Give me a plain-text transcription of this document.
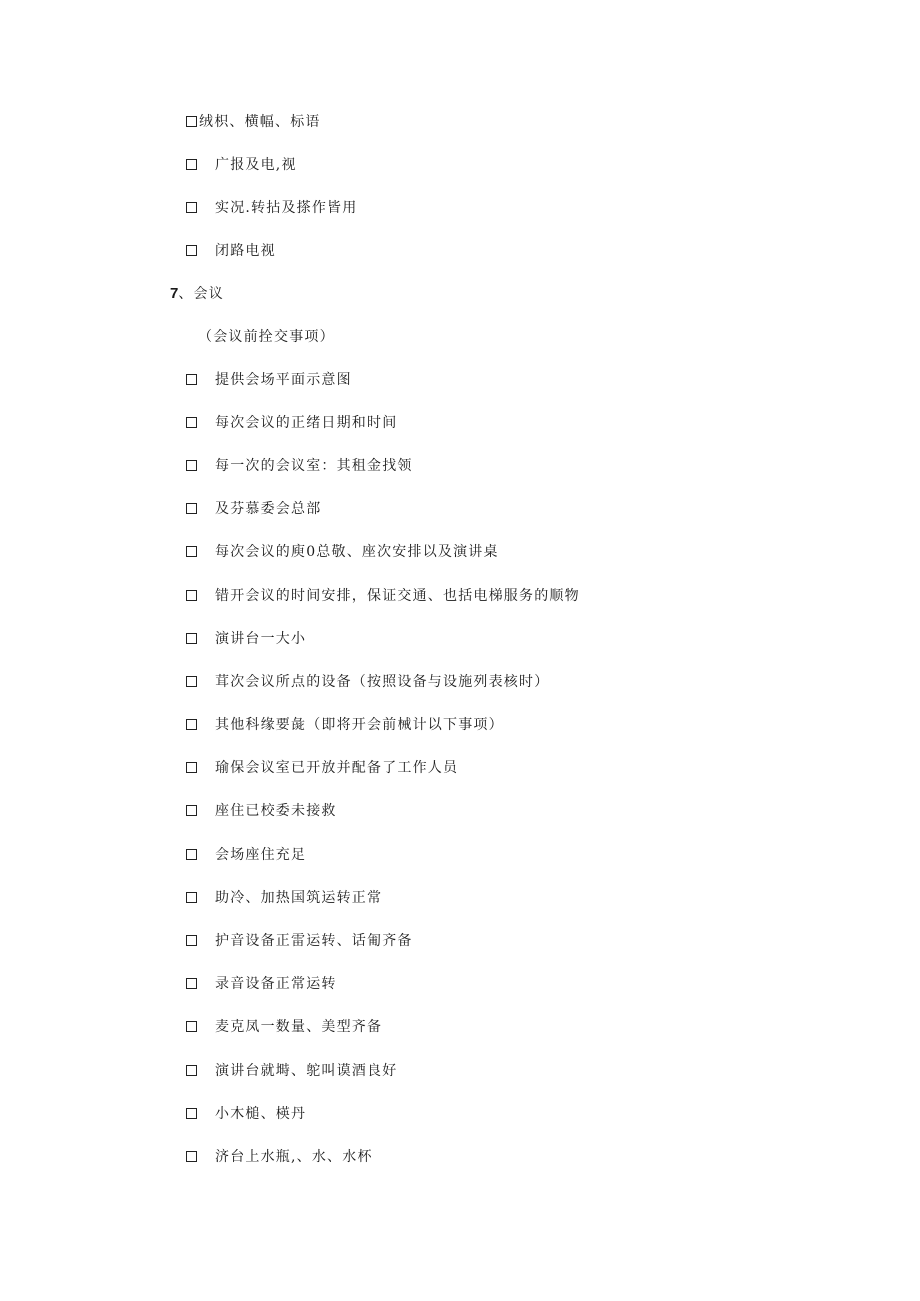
绒枳、横幅、标语
广报及电,视
实况.转拈及搽作皆用
闭路电视
7、会议
（会议前拴交事项）
提供会场平面示意图
每次会议的正绪日期和时间
每一次的会议室：其租金找领
及芬慕委会总部
每次会议的庾0总敬、座次安排以及演讲桌
错开会议的时间安排，保证交通、也括电梯服务的顺物
演讲台一大小
茸次会议所点的设备（按照设备与设施列表核时）
其他科缘要彘（即将开会前械计以下事项）
瑜保会议室已开放并配备了工作人员
座住已校委未接救
会场座住充足
助冷、加热国筑运转正常
护音设备正雷运转、话匍齐备
录音设备正常运转
麦克凤一数量、美型齐备
演讲台就塒、鸵叫谟酒良好
小木槌、楧丹
济台上水瓶,、水、水杯
